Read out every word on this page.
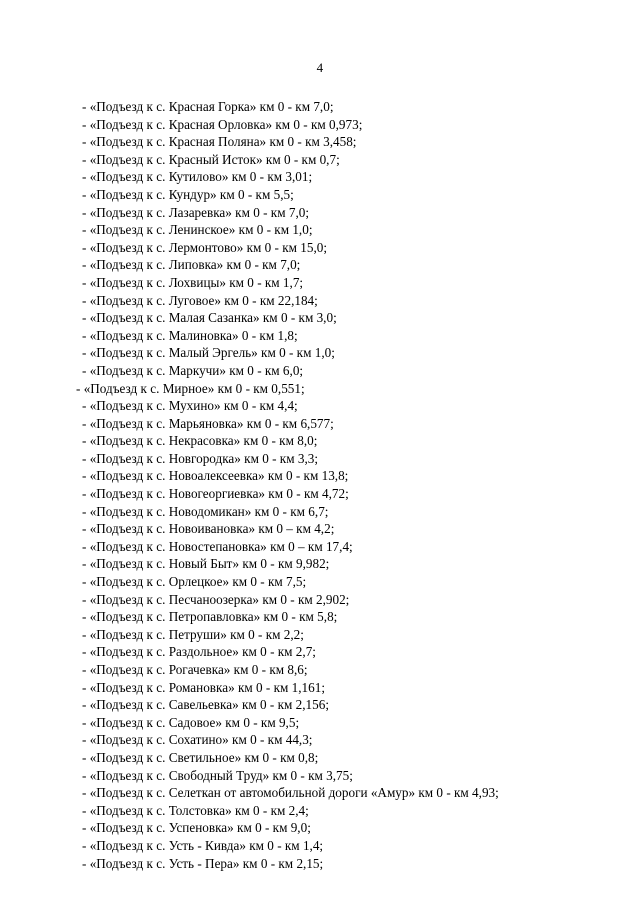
4
- «Подъезд к с. Красная Горка» км 0 - км 7,0;
- «Подъезд к с. Красная Орловка» км 0 - км 0,973;
- «Подъезд к с. Красная Поляна» км 0 - км 3,458;
- «Подъезд к с. Красный Исток» км 0 - км 0,7;
- «Подъезд к с. Кутилово» км 0 - км 3,01;
- «Подъезд к с. Кундур» км 0 - км 5,5;
- «Подъезд к с. Лазаревка» км 0 - км 7,0;
- «Подъезд к с. Ленинское» км 0 - км 1,0;
- «Подъезд к с. Лермонтово» км 0 - км 15,0;
- «Подъезд к с. Липовка» км 0 - км 7,0;
- «Подъезд к с. Лохвицы» км 0 - км 1,7;
- «Подъезд к с. Луговое» км 0 - км 22,184;
- «Подъезд к с. Малая Сазанка» км 0 - км 3,0;
- «Подъезд к с. Малиновка» 0 - км 1,8;
- «Подъезд к с. Малый Эргель» км 0 - км 1,0;
- «Подъезд к с. Маркучи» км 0 - км 6,0;
- «Подъезд к с. Мирное» км 0 - км 0,551;
- «Подъезд к с. Мухино» км 0 - км 4,4;
- «Подъезд к с. Марьяновка» км 0 - км 6,577;
- «Подъезд к с. Некрасовка» км 0 - км 8,0;
- «Подъезд к с. Новгородка» км 0 - км 3,3;
- «Подъезд к с. Новоалексеевка» км 0 - км 13,8;
- «Подъезд к с. Новогеоргиевка» км 0 - км 4,72;
- «Подъезд к с. Новодомикан» км 0 - км 6,7;
- «Подъезд к с. Новоивановка» км 0 – км 4,2;
- «Подъезд к с. Новостепановка» км 0 – км 17,4;
- «Подъезд к с. Новый Быт» км 0 - км 9,982;
- «Подъезд к с. Орлецкое» км 0 - км 7,5;
- «Подъезд к с. Песчаноозерка» км 0 - км 2,902;
- «Подъезд к с. Петропавловка» км 0 - км 5,8;
- «Подъезд к с. Петруши» км 0 - км 2,2;
- «Подъезд к с. Раздольное» км 0 - км 2,7;
- «Подъезд к с. Рогачевка» км 0 - км 8,6;
- «Подъезд к с. Романовка» км 0 - км 1,161;
- «Подъезд к с. Савельевка» км 0 - км 2,156;
- «Подъезд к с. Садовое» км 0 - км 9,5;
- «Подъезд к с. Сохатино» км 0 - км 44,3;
- «Подъезд к с. Светильное» км 0 - км 0,8;
- «Подъезд к с. Свободный Труд» км 0 - км 3,75;
- «Подъезд к с. Селеткан от автомобильной дороги «Амур» км 0 - км 4,93;
- «Подъезд к с. Толстовка» км 0 - км 2,4;
- «Подъезд к с. Успеновка» км 0 - км 9,0;
- «Подъезд к с. Усть - Кивда» км 0 - км 1,4;
- «Подъезд к с. Усть - Пера» км 0 - км 2,15;
